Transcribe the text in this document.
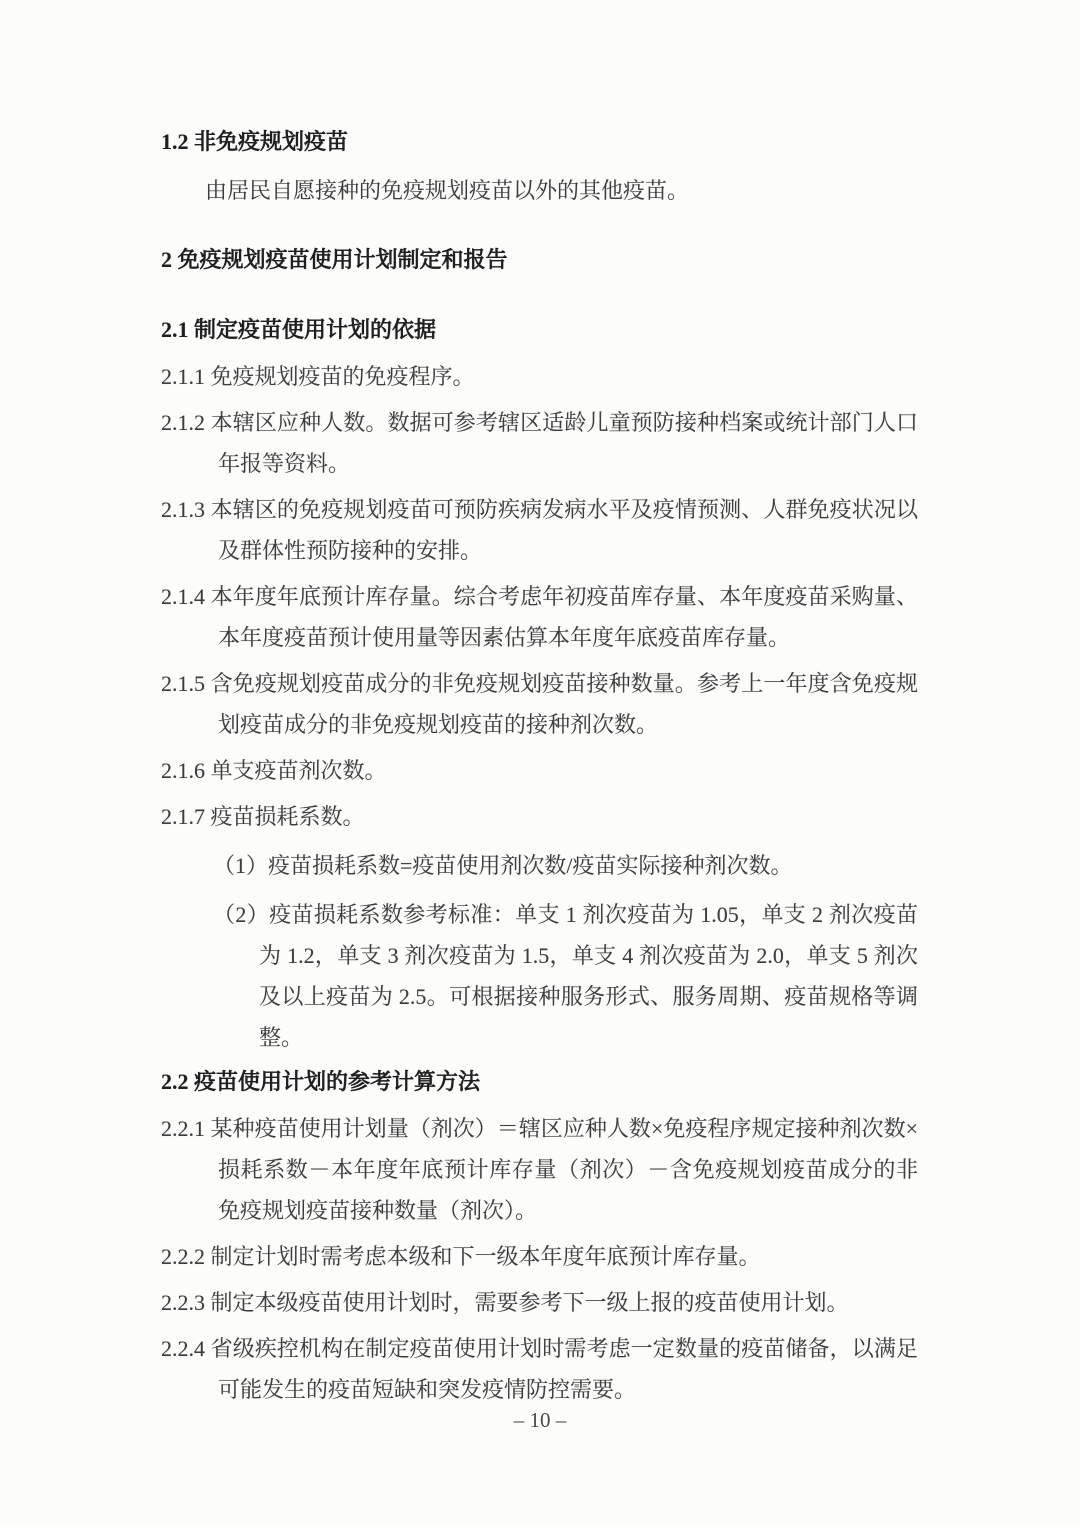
1.2 非免疫规划疫苗
由居民自愿接种的免疫规划疫苗以外的其他疫苗。
2 免疫规划疫苗使用计划制定和报告
2.1 制定疫苗使用计划的依据
2.1.1 免疫规划疫苗的免疫程序。
2.1.2 本辖区应种人数。数据可参考辖区适龄儿童预防接种档案或统计部门人口年报等资料。
2.1.3 本辖区的免疫规划疫苗可预防疾病发病水平及疫情预测、人群免疫状况以及群体性预防接种的安排。
2.1.4 本年度年底预计库存量。综合考虑年初疫苗库存量、本年度疫苗采购量、本年度疫苗预计使用量等因素估算本年度年底疫苗库存量。
2.1.5 含免疫规划疫苗成分的非免疫规划疫苗接种数量。参考上一年度含免疫规划疫苗成分的非免疫规划疫苗的接种剂次数。
2.1.6 单支疫苗剂次数。
2.1.7 疫苗损耗系数。
（1）疫苗损耗系数=疫苗使用剂次数/疫苗实际接种剂次数。
（2）疫苗损耗系数参考标准：单支 1 剂次疫苗为 1.05，单支 2 剂次疫苗为 1.2，单支 3 剂次疫苗为 1.5，单支 4 剂次疫苗为 2.0，单支 5 剂次及以上疫苗为 2.5。可根据接种服务形式、服务周期、疫苗规格等调整。
2.2 疫苗使用计划的参考计算方法
2.2.1 某种疫苗使用计划量（剂次）＝辖区应种人数×免疫程序规定接种剂次数×损耗系数－本年度年底预计库存量（剂次）－含免疫规划疫苗成分的非免疫规划疫苗接种数量（剂次）。
2.2.2 制定计划时需考虑本级和下一级本年度年底预计库存量。
2.2.3 制定本级疫苗使用计划时，需要参考下一级上报的疫苗使用计划。
2.2.4 省级疾控机构在制定疫苗使用计划时需考虑一定数量的疫苗储备，以满足可能发生的疫苗短缺和突发疫情防控需要。
– 10 –
